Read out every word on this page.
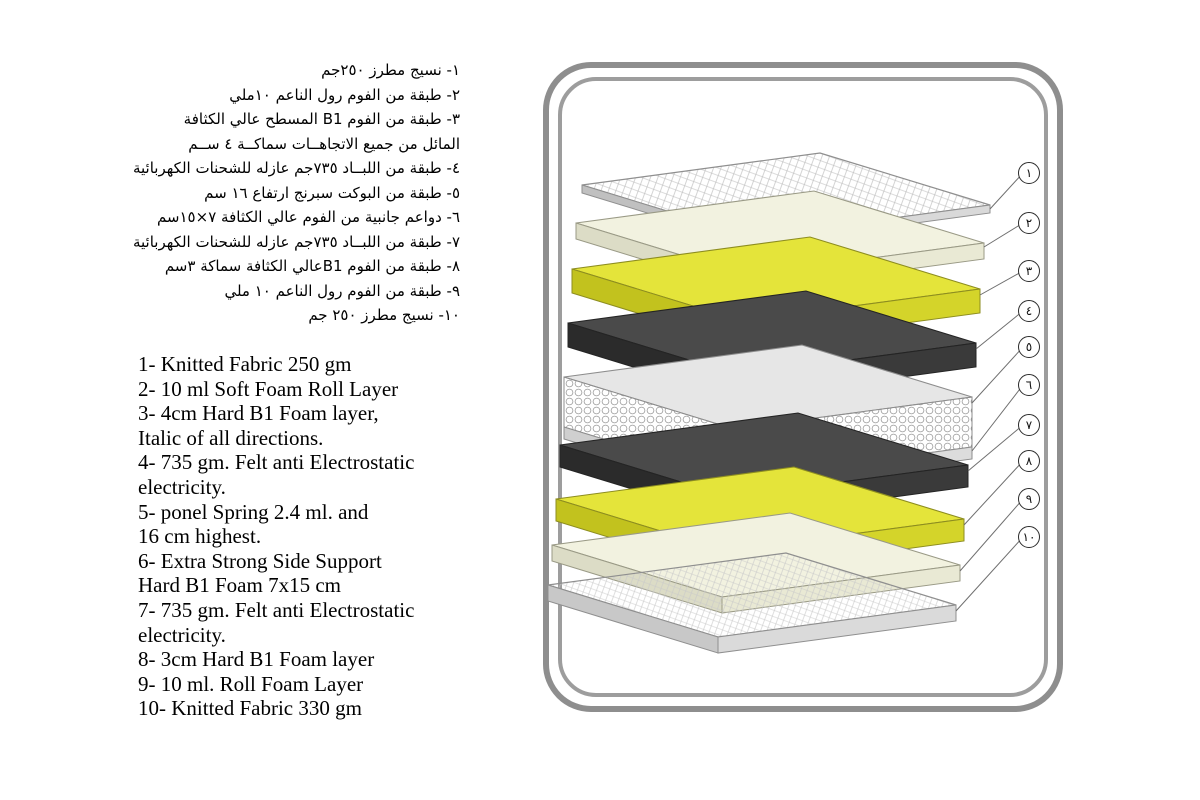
١- نسيج مطرز ٢٥٠جم
٢- طبقة من الفوم رول الناعم ١٠ملي
٣- طبقة من الفوم B1 المسطح عالي الكثافة
المائل من جميع الاتجاهــات سماكــة ٤ ســم
٤- طبقة من اللبــاد ٧٣٥جم عازله للشحنات الكهربائية
٥- طبقة من البوكت سبرنج ارتفاع ١٦ سم
٦- دواعم جانبية من الفوم عالي الكثافة ٧×١٥سم
٧- طبقة من اللبــاد ٧٣٥جم عازله للشحنات الكهربائية
٨- طبقة من الفوم B1عالي الكثافة سماكة ٣سم
٩- طبقة من الفوم رول الناعم ١٠ ملي
١٠- نسيج مطرز ٢٥٠ جم
1- Knitted Fabric 250 gm
2- 10 ml Soft Foam Roll Layer
3- 4cm Hard B1 Foam layer,
Italic of all directions.
4- 735 gm. Felt anti Electrostatic
electricity.
5- ponel Spring 2.4 ml. and
16 cm highest.
6- Extra Strong Side Support
Hard B1 Foam 7x15 cm
7- 735 gm. Felt anti Electrostatic
electricity.
8- 3cm Hard B1 Foam layer
9- 10 ml. Roll Foam Layer
10- Knitted Fabric 330 gm
١
٢
٣
٤
٥
٦
٧
٨
٩
١٠
